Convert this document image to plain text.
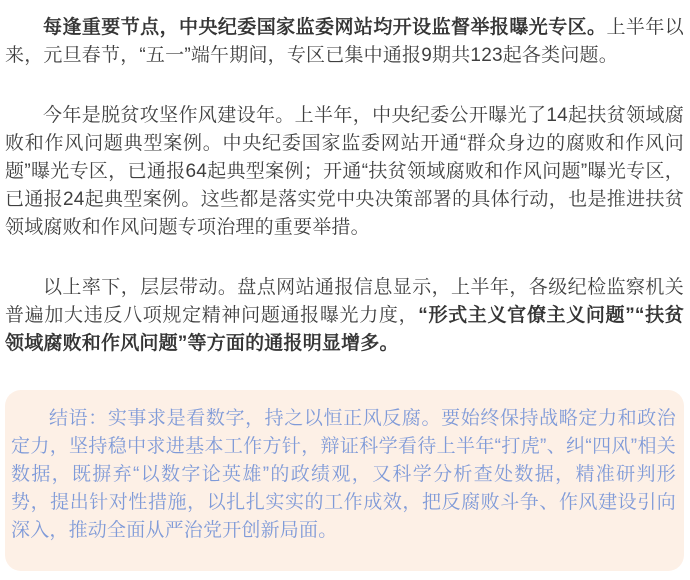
每逢重要节点，中央纪委国家监委网站均开设监督举报曝光专区。上半年以来，元旦春节，“五一”端午期间，专区已集中通报9期共123起各类问题。

今年是脱贫攻坚作风建设年。上半年，中央纪委公开曝光了14起扶贫领域腐败和作风问题典型案例。中央纪委国家监委网站开通“群众身边的腐败和作风问题”曝光专区，已通报64起典型案例；开通“扶贫领域腐败和作风问题”曝光专区，已通报24起典型案例。这些都是落实党中央决策部署的具体行动，也是推进扶贫领域腐败和作风问题专项治理的重要举措。

以上率下，层层带动。盘点网站通报信息显示，上半年，各级纪检监察机关普遍加大违反八项规定精神问题通报曝光力度，“形式主义官僚主义问题”“扶贫领域腐败和作风问题”等方面的通报明显增多。

结语：实事求是看数字，持之以恒正风反腐。要始终保持战略定力和政治定力，坚持稳中求进基本工作方针，辩证科学看待上半年“打虎”、纠“四风”相关数据，既摒弃“以数字论英雄”的政绩观，又科学分析查处数据，精准研判形势，提出针对性措施，以扎扎实实的工作成效，把反腐败斗争、作风建设引向深入，推动全面从严治党开创新局面。
